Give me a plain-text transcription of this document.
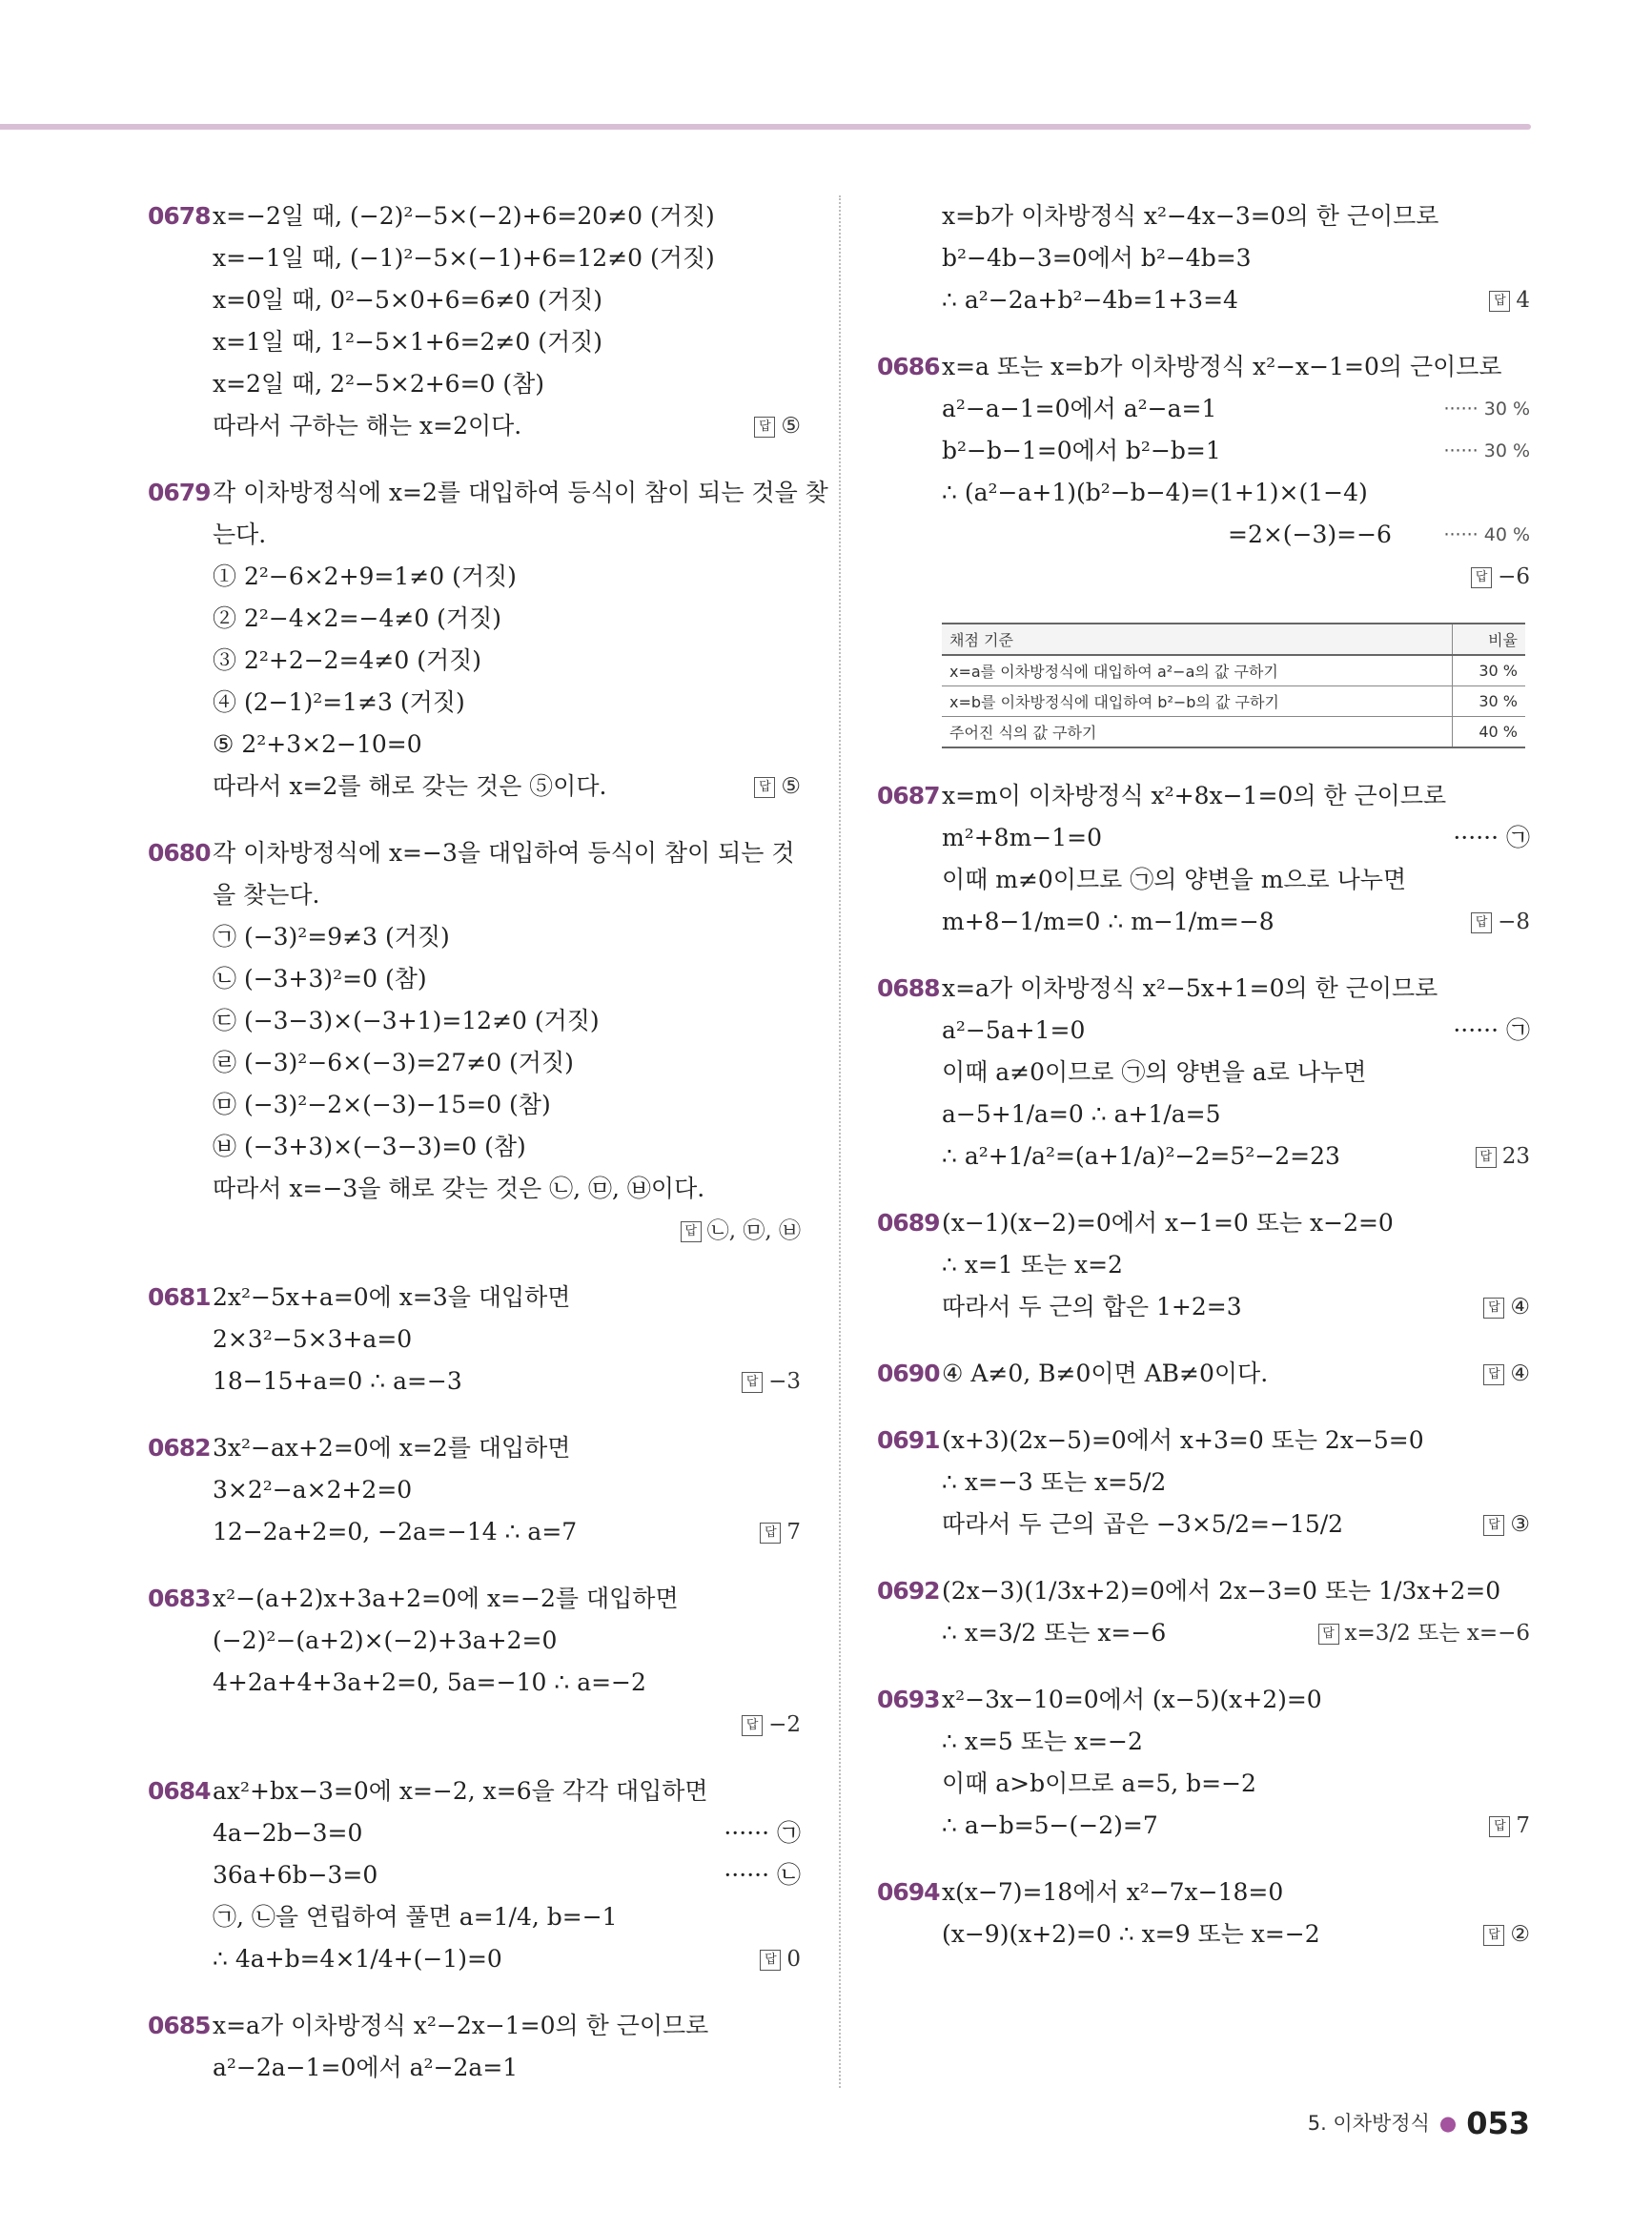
0678 x=−2일 때, (−2)²−5×(−2)+6=20≠0 (거짓)
x=−1일 때, (−1)²−5×(−1)+6=12≠0 (거짓)
x=0일 때, 0²−5×0+6=6≠0 (거짓)
x=1일 때, 1²−5×1+6=2≠0 (거짓)
x=2일 때, 2²−5×2+6=0 (참)
따라서 구하는 해는 x=2이다.	답 ⑤
0679 각 이차방정식에 x=2를 대입하여 등식이 참이 되는 것을 찾
는다.
① 2²−6×2+9=1≠0 (거짓)
② 2²−4×2=−4≠0 (거짓)
③ 2²+2−2=4≠0 (거짓)
④ (2−1)²=1≠3 (거짓)
⑤ 2²+3×2−10=0
따라서 x=2를 해로 갖는 것은 ⑤이다.	답 ⑤
0680 각 이차방정식에 x=−3을 대입하여 등식이 참이 되는 것
을 찾는다.
㉠ (−3)²=9≠3 (거짓)
㉡ (−3+3)²=0 (참)
㉢ (−3−3)×(−3+1)=12≠0 (거짓)
㉣ (−3)²−6×(−3)=27≠0 (거짓)
㉤ (−3)²−2×(−3)−15=0 (참)
㉥ (−3+3)×(−3−3)=0 (참)
따라서 x=−3을 해로 갖는 것은 ㉡, ㉤, ㉥이다.
답 ㉡, ㉤, ㉥
0681 2x²−5x+a=0에 x=3을 대입하면
2×3²−5×3+a=0
18−15+a=0 ∴ a=−3	답 −3
0682 3x²−ax+2=0에 x=2를 대입하면
3×2²−a×2+2=0
12−2a+2=0, −2a=−14 ∴ a=7	답 7
0683 x²−(a+2)x+3a+2=0에 x=−2를 대입하면
(−2)²−(a+2)×(−2)+3a+2=0
4+2a+4+3a+2=0, 5a=−10 ∴ a=−2
답 −2
0684 ax²+bx−3=0에 x=−2, x=6을 각각 대입하면
4a−2b−3=0	······ ㉠
36a+6b−3=0	······ ㉡
㉠, ㉡을 연립하여 풀면 a=1/4, b=−1
∴ 4a+b=4×1/4+(−1)=0	답 0
0685 x=a가 이차방정식 x²−2x−1=0의 한 근이므로
a²−2a−1=0에서 a²−2a=1
x=b가 이차방정식 x²−4x−3=0의 한 근이므로
b²−4b−3=0에서 b²−4b=3
∴ a²−2a+b²−4b=1+3=4	답 4
0686 x=a 또는 x=b가 이차방정식 x²−x−1=0의 근이므로
a²−a−1=0에서 a²−a=1	······ 30 %
b²−b−1=0에서 b²−b=1	······ 30 %
∴ (a²−a+1)(b²−b−4)=(1+1)×(1−4)
=2×(−3)=−6	······ 40 %
답 −6
채점 기준	비율
x=a를 이차방정식에 대입하여 a²−a의 값 구하기	30 %
x=b를 이차방정식에 대입하여 b²−b의 값 구하기	30 %
주어진 식의 값 구하기	40 %
0687 x=m이 이차방정식 x²+8x−1=0의 한 근이므로
m²+8m−1=0	······ ㉠
이때 m≠0이므로 ㉠의 양변을 m으로 나누면
m+8−1/m=0 ∴ m−1/m=−8	답 −8
0688 x=a가 이차방정식 x²−5x+1=0의 한 근이므로
a²−5a+1=0	······ ㉠
이때 a≠0이므로 ㉠의 양변을 a로 나누면
a−5+1/a=0 ∴ a+1/a=5
∴ a²+1/a²=(a+1/a)²−2=5²−2=23	답 23
0689 (x−1)(x−2)=0에서 x−1=0 또는 x−2=0
∴ x=1 또는 x=2
따라서 두 근의 합은 1+2=3	답 ④
0690 ④ A≠0, B≠0이면 AB≠0이다.	답 ④
0691 (x+3)(2x−5)=0에서 x+3=0 또는 2x−5=0
∴ x=−3 또는 x=5/2
따라서 두 근의 곱은 −3×5/2=−15/2	답 ③
0692 (2x−3)(1/3x+2)=0에서 2x−3=0 또는 1/3x+2=0
∴ x=3/2 또는 x=−6	답 x=3/2 또는 x=−6
0693 x²−3x−10=0에서 (x−5)(x+2)=0
∴ x=5 또는 x=−2
이때 a>b이므로 a=5, b=−2
∴ a−b=5−(−2)=7	답 7
0694 x(x−7)=18에서 x²−7x−18=0
(x−9)(x+2)=0 ∴ x=9 또는 x=−2	답 ②
5. 이차방정식 ● 053
